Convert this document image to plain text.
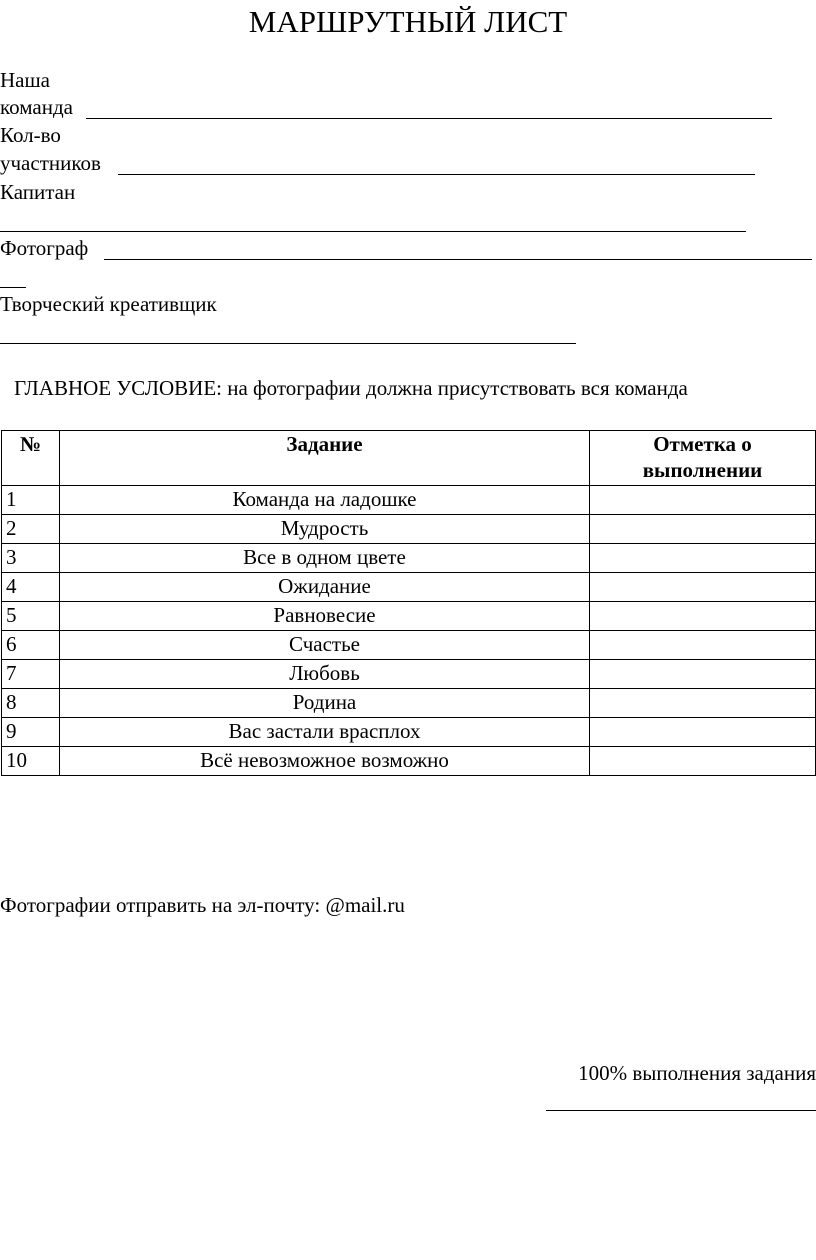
МАРШРУТНЫЙ ЛИСТ
Наша
команда
Кол-во
участников
Капитан
Фотограф
Творческий креативщик
ГЛАВНОЕ УСЛОВИЕ: на фотографии должна присутствовать вся команда
№	Задание	Отметка о выполнении
1	Команда на ладошке	
2	Мудрость	
3	Все в одном цвете	
4	Ожидание	
5	Равновесие	
6	Счастье	
7	Любовь	
8	Родина	
9	Вас застали врасплох	
10	Всё невозможное возможно	
Фотографии отправить на эл-почту: @mail.ru
100% выполнения задания
